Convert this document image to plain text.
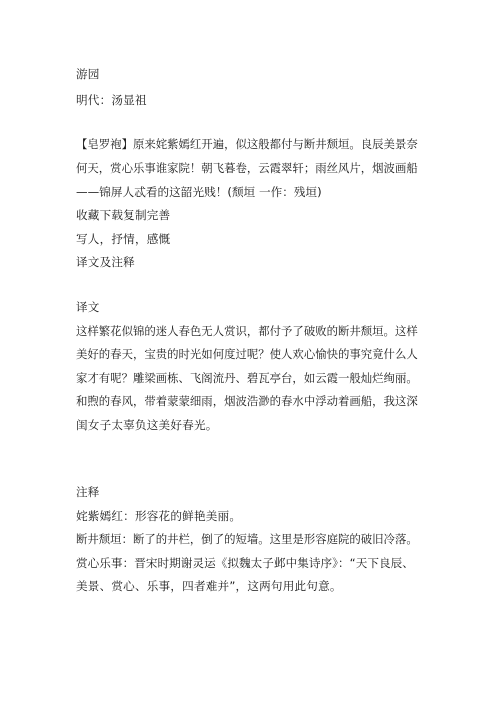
游园

明代：汤显祖

【皂罗袍】原来姹紫嫣红开遍，似这般都付与断井颓垣。良辰美景奈

何天，赏心乐事谁家院！朝飞暮卷，云霞翠轩；雨丝风片，烟波画船

——锦屏人忒看的这韶光贱！(颓垣 一作：残垣)

收藏下载复制完善

写人，抒情，感慨

译文及注释

译文

这样繁花似锦的迷人春色无人赏识，都付予了破败的断井颓垣。这样

美好的春天，宝贵的时光如何度过呢？使人欢心愉快的事究竟什么人

家才有呢？雕梁画栋、飞阁流丹、碧瓦亭台，如云霞一般灿烂绚丽。

和煦的春风，带着蒙蒙细雨，烟波浩渺的春水中浮动着画船，我这深

闺女子太辜负这美好春光。

注释

姹紫嫣红：形容花的鲜艳美丽。

断井颓垣：断了的井栏，倒了的短墙。这里是形容庭院的破旧冷落。

赏心乐事：晋宋时期谢灵运《拟魏太子邺中集诗序》：“天下良辰、

美景、赏心、乐事，四者难并”，这两句用此句意。
